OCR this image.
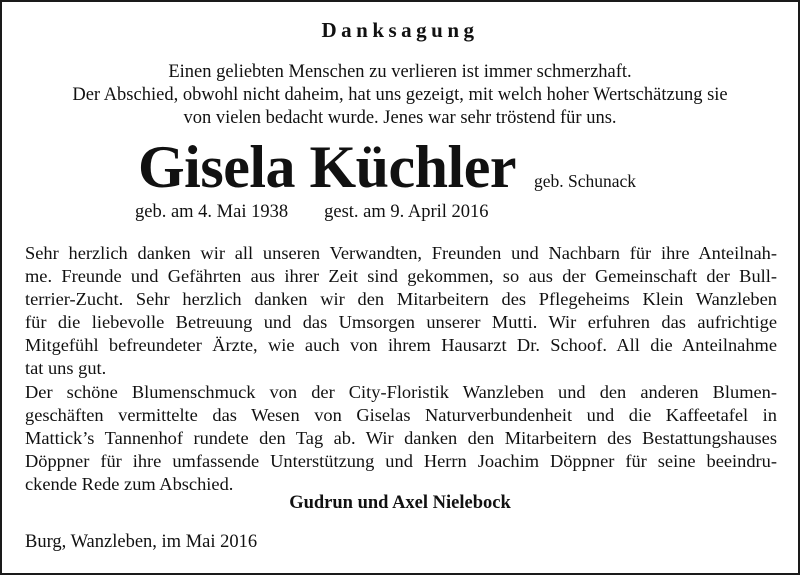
Danksagung
Einen geliebten Menschen zu verlieren ist immer schmerzhaft.
Der Abschied, obwohl nicht daheim, hat uns gezeigt, mit welch hoher Wertschätzung sie
von vielen bedacht wurde. Jenes war sehr tröstend für uns.
Gisela Küchler geb. Schunack
geb. am 4. Mai 1938 gest. am 9. April 2016
Sehr herzlich danken wir all unseren Verwandten, Freunden und Nachbarn für ihre Anteilnah-
me. Freunde und Gefährten aus ihrer Zeit sind gekommen, so aus der Gemeinschaft der Bull-
terrier-Zucht. Sehr herzlich danken wir den Mitarbeitern des Pflegeheims Klein Wanzleben
für die liebevolle Betreuung und das Umsorgen unserer Mutti. Wir erfuhren das aufrichtige
Mitgefühl befreundeter Ärzte, wie auch von ihrem Hausarzt Dr. Schoof. All die Anteilnahme
tat uns gut.
Der schöne Blumenschmuck von der City-Floristik Wanzleben und den anderen Blumen-
geschäften vermittelte das Wesen von Giselas Naturverbundenheit und die Kaffeetafel in
Mattick’s Tannenhof rundete den Tag ab. Wir danken den Mitarbeitern des Bestattungshauses
Döppner für ihre umfassende Unterstützung und Herrn Joachim Döppner für seine beeindru-
ckende Rede zum Abschied.
Gudrun und Axel Nielebock
Burg, Wanzleben, im Mai 2016
